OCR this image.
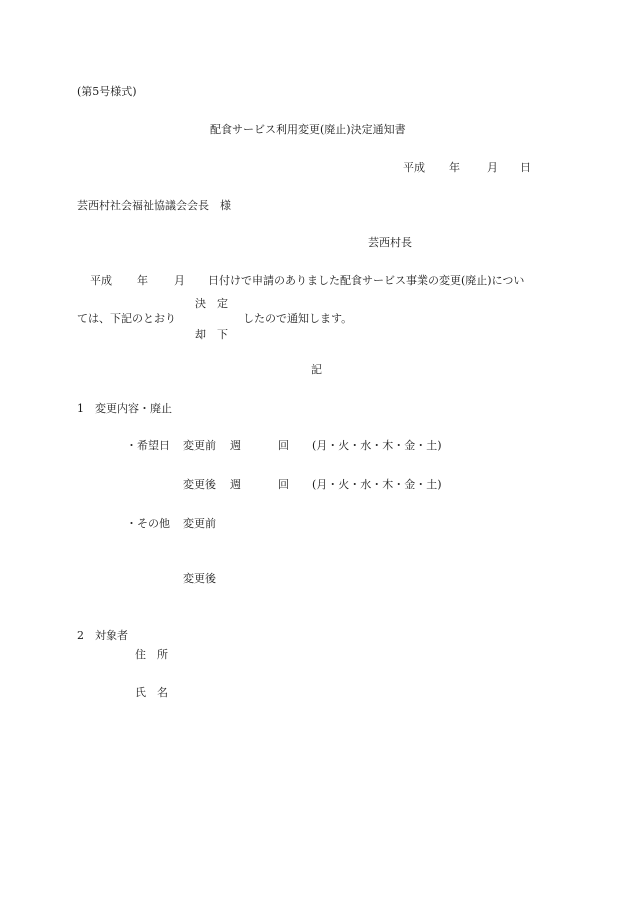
(第5号様式)
配食サービス利用変更(廃止)決定通知書
平成 年 月 日
芸西村社会福祉協議会会長　様
芸西村長
平成 年 月 日付けで申請のありました配食サービス事業の変更(廃止)につい
決　定
ては、下記のとおり	したので通知します。
却　下
記
1　変更内容・廃止
・希望日 変更前 週	回 (月・火・水・木・金・土)
変更後 週	回 (月・火・水・木・金・土)
・その他 変更前
変更後
2　対象者
住　所
氏　名
